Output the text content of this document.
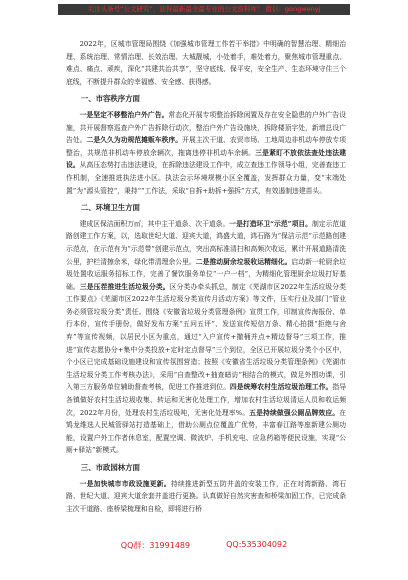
关注头条号“公文研究”，获得最新最全最专业的公文资料库！ 微信：gongwenyj

2022年，区城市管理局围绕《加强城市管理工作若干举措》中明确的智慧治理、精细治理、系统治理、常情治理、长效治理、大城靓城，小处着手，难处着力，聚焦城市管理重点、难点、痛点、顽疾，深化“共建共治共享”，坚守底线、保平安，安全生产、生态环境守住三个底线，不断提升群众的幸福感、安全感、获得感。

一、市容秩序方面

一是坚定不移整治户外广告。常态化开展专项整治拆除闲置及存在安全隐患的户外广告设施，共开展督察巡查户外广告拆除行动次，整治户外广告设施块，拆除楼顶字处，新增总设广告处。二是久久为功规范摊贩车秩序。开展主次干道、农贸市场、工地周边非机动车停放专项整治，共规范非机动车停放余辆次，拖离违停非机动车余辆。三是紧盯不放依法查处违法建设。从高压态势打击违法建设，在拆除违法建设工作中，成立查违工作领导小组，完善查违工作机制，全速推进执法进小区。执法会示环境规模小区全覆盖，发挥群众力量，变“末端处置”为“源头管控”，秉持“”工作法，采取“自拆+助拆+强拆”方式，有效遏制违建苗头。

二、环境卫生方面

建成区保洁面积万㎡，其中主干道条、次干道条。一是打造环卫“示范”项目。制定示范道路创建工作方案，以，选取世纪大道、迎宾大道，鸿盛大道，鸿石路为“保洁示范”示范路创建示范点，在示范有为“示范带”创建示范点，突出高标准清扫和高频次收运，累计开展道路清洗公里，护栏清擦余米，绿化带清理余公里。二是推动厨余垃圾收运精细化。启动新一轮厨余垃圾处置收运服务招标工作，完善了餐饮服务单位“一户一档”，为精细化管理厨余垃圾打好基础。三是压茬推进生活垃圾分类。区分类办牵头抓总，制定《芜湖市区2022年生活垃圾分类工作要点》《芜湖市区2022年生活垃圾分类宣传月活动方案》等文件，压实行业及部门“管业务必须管垃圾分类”责任。围绕《安徽省垃圾分类管理条例》宣贯工作，印制宣传海报份、单行本份，宣传手册份，做好发布方案“五问五评”、发送宣传短信万条、精心拍摄“拒绝与舍弃”等宣传视频，以居民小区为重点，通过“入户宣传+撤桶并点+精边督导”三项工作，推进“宣传志愿协分+集中分类投放+定时定点督导”三个到位，全区已开展垃圾分类个小区中，个小区已完成基础设施建设和宣传氛围营造；按照《安徽省生活垃圾分类管理条例》《芜湖市生活垃圾分类工作考核办法》，采用“自查整改+抽查暗访”相结合的模式，做足外围功课，引入第三方服务单位辅助督查考核，促进工作推进到位。四是统筹农村生活垃圾治理工作。指导各镇做好农村生活垃圾收集、转运和无害化处理工作，增加农村生活垃圾清运人员和收运频次，2022年月份，处理农村生活垃圾吨，无害化处理率%。五是持续做强公厕品牌效应。在鸩龙维选人民城管驿站打造基础上，借助公厕点位覆盖广优势，丰富春江路等座新建公厕功能，设置户外工作者休息室，配置空调、微波炉、手机充电、应急药箱等便民设施，实现“公厕+驿站”新模式。

三、市政园林方面

一是加快城市市政设施更新。持续推进新型五防井盖的安装工作，正在对湾新路、湾石路、世纪大道、迎宾大道余套井盖进行更换。认真做好自然灾害查和桥梁加固工作，已完成条主次干道路、座桥梁梳理和自检，即将进行桥

QQ群：31991489	QQ:535304092
